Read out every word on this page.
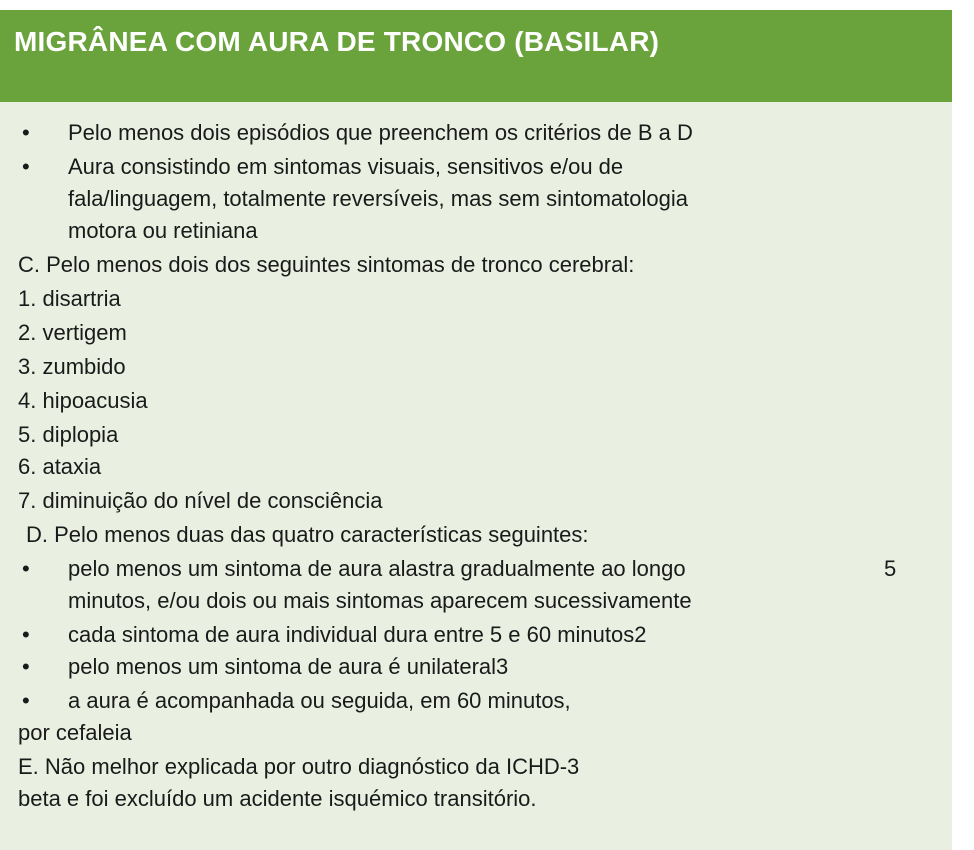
MIGRÂNEA COM AURA DE TRONCO (BASILAR)
• Pelo menos dois episódios que preenchem os critérios de B a D
• Aura consistindo em sintomas visuais, sensitivos e/ou de
fala/linguagem, totalmente reversíveis, mas sem sintomatologia
motora ou retiniana
C. Pelo menos dois dos seguintes sintomas de tronco cerebral:
1. disartria
2. vertigem
3. zumbido
4. hipoacusia
5. diplopia
6. ataxia
7. diminuição do nível de consciência
D. Pelo menos duas das quatro características seguintes:
• pelo menos um sintoma de aura alastra gradualmente ao longo	5
minutos, e/ou dois ou mais sintomas aparecem sucessivamente
• cada sintoma de aura individual dura entre 5 e 60 minutos2
• pelo menos um sintoma de aura é unilateral3
• a aura é acompanhada ou seguida, em 60 minutos,
por cefaleia
E. Não melhor explicada por outro diagnóstico da ICHD-3
beta e foi excluído um acidente isquémico transitório.
